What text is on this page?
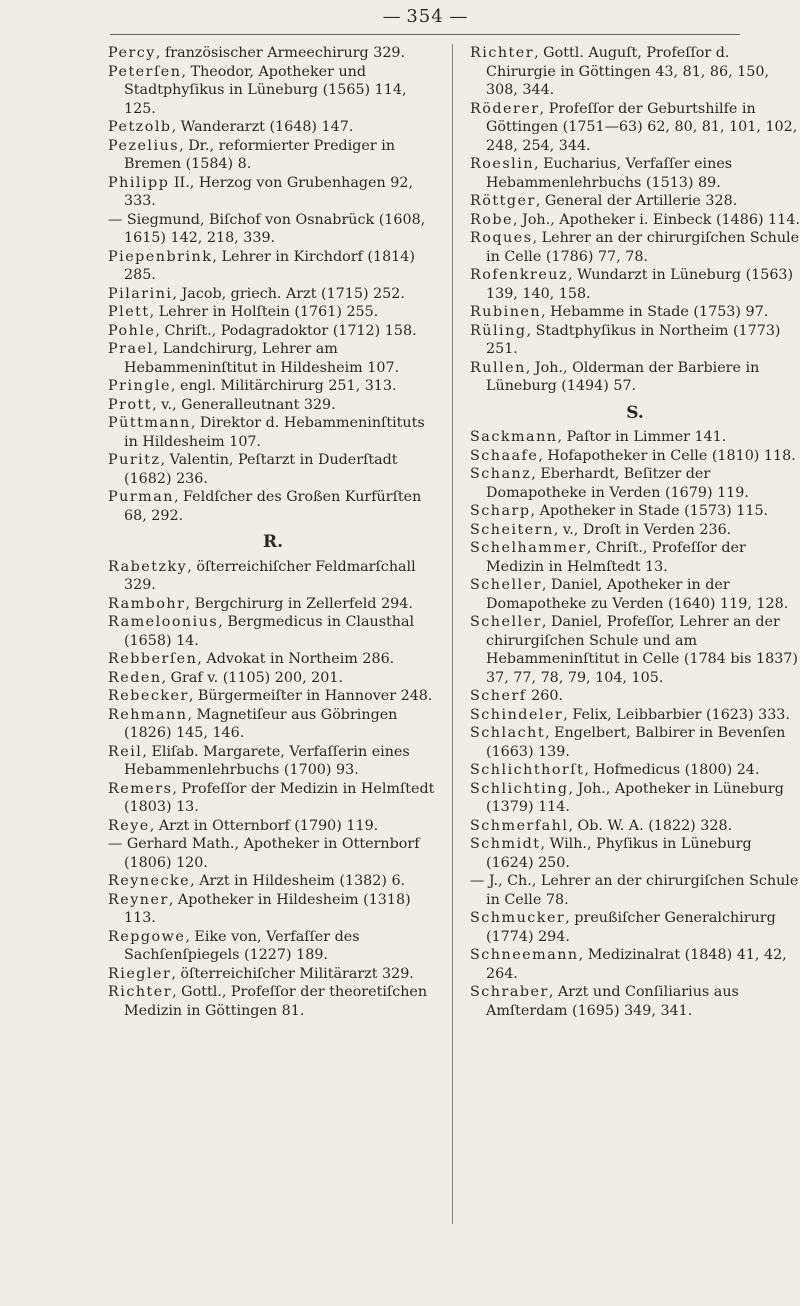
— 354 —

Percy, französischer Armeechirurg 329.

Peterſen, Theodor, Apotheker und Stadtphyſikus in Lüneburg (1565) 114, 125.

Petzolb, Wanderarzt (1648) 147.

Pezelius, Dr., reformierter Prediger in Bremen (1584) 8.

Philipp II., Herzog von Grubenhagen 92, 333.

— Siegmund, Biſchof von Osnabrück (1608, 1615) 142, 218, 339.

Piepenbrink, Lehrer in Kirchdorf (1814) 285.

Pilarini, Jacob, griech. Arzt (1715) 252.

Plett, Lehrer in Holſtein (1761) 255.

Pohle, Chriſt., Podagradoktor (1712) 158.

Prael, Landchirurg, Lehrer am Hebammeninſtitut in Hildesheim 107.

Pringle, engl. Militärchirurg 251, 313.

Prott, v., Generalleutnant 329.

Püttmann, Direktor d. Hebammeninſtituts in Hildesheim 107.

Puritz, Valentin, Peſtarzt in Duderſtadt (1682) 236.

Purman, Feldſcher des Großen Kurfürſten 68, 292.

R.

Rabetzky, öſterreichiſcher Feldmarſchall 329.

Rambohr, Bergchirurg in Zellerfeld 294.

Rameloonius, Bergmedicus in Clausthal (1658) 14.

Rebberſen, Advokat in Northeim 286.

Reden, Graf v. (1105) 200, 201.

Rebecker, Bürgermeiſter in Hannover 248.

Rehmann, Magnetiſeur aus Göbringen (1826) 145, 146.

Reil, Eliſab. Margarete, Verfaſſerin eines Hebammenlehrbuchs (1700) 93.

Remers, Profeſſor der Medizin in Helmſtedt (1803) 13.

Reye, Arzt in Otternborf (1790) 119.

— Gerhard Math., Apotheker in Otternborf (1806) 120.

Reynecke, Arzt in Hildesheim (1382) 6.

Reyner, Apotheker in Hildesheim (1318) 113.

Repgowe, Eike von, Verfaſſer des Sachſenſpiegels (1227) 189.

Riegler, öſterreichiſcher Militärarzt 329.

Richter, Gottl., Profeſſor der theoretiſchen Medizin in Göttingen 81.

Richter, Gottl. Auguſt, Profeſſor d. Chirurgie in Göttingen 43, 81, 86, 150, 308, 344.

Röderer, Profeſſor der Geburtshilfe in Göttingen (1751—63) 62, 80, 81, 101, 102, 248, 254, 344.

Roeslin, Eucharius, Verfaſſer eines Hebammenlehrbuchs (1513) 89.

Röttger, General der Artillerie 328.

Robe, Joh., Apotheker i. Einbeck (1486) 114.

Roques, Lehrer an der chirurgiſchen Schule in Celle (1786) 77, 78.

Rofenkreuz, Wundarzt in Lüneburg (1563) 139, 140, 158.

Rubinen, Hebamme in Stade (1753) 97.

Rüling, Stadtphyſikus in Northeim (1773) 251.

Rullen, Joh., Olderman der Barbiere in Lüneburg (1494) 57.

S.

Sackmann, Paſtor in Limmer 141.

Schaafe, Hofapotheker in Celle (1810) 118.

Schanz, Eberhardt, Beſitzer der Domapotheke in Verden (1679) 119.

Scharp, Apotheker in Stade (1573) 115.

Scheitern, v., Droſt in Verden 236.

Schelhammer, Chriſt., Profeſſor der Medizin in Helmſtedt 13.

Scheller, Daniel, Apotheker in der Domapotheke zu Verden (1640) 119, 128.

Scheller, Daniel, Profeſſor, Lehrer an der chirurgiſchen Schule und am Hebammeninſtitut in Celle (1784 bis 1837) 37, 77, 78, 79, 104, 105.

Scherf 260.

Schindeler, Felix, Leibbarbier (1623) 333.

Schlacht, Engelbert, Balbirer in Bevenſen (1663) 139.

Schlichthorſt, Hofmedicus (1800) 24.

Schlichting, Joh., Apotheker in Lüneburg (1379) 114.

Schmerfahl, Ob. W. A. (1822) 328.

Schmidt, Wilh., Phyſikus in Lüneburg (1624) 250.

— J., Ch., Lehrer an der chirurgiſchen Schule in Celle 78.

Schmucker, preußiſcher Generalchirurg (1774) 294.

Schneemann, Medizinalrat (1848) 41, 42, 264.

Schraber, Arzt und Conſiliarius aus Amſterdam (1695) 349, 341.
